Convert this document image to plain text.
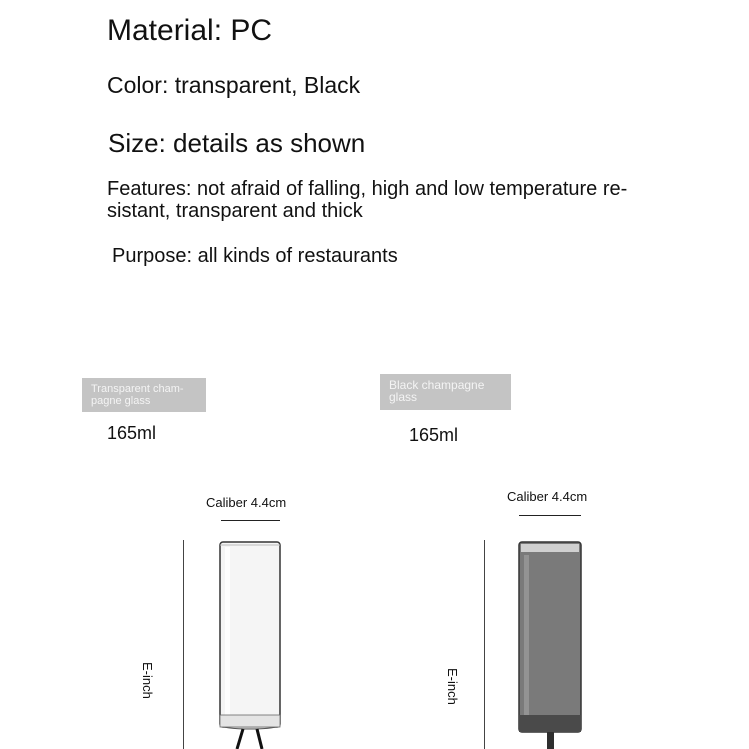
Material: PC
Color: transparent, Black
Size: details as shown
Features: not afraid of falling, high and low temperature re-sistant, transparent and thick
Purpose: all kinds of restaurants
Transparent cham-pagne glass
165ml
Caliber 4.4cm
E-inch
Black champagne glass
165ml
Caliber 4.4cm
E-inch
